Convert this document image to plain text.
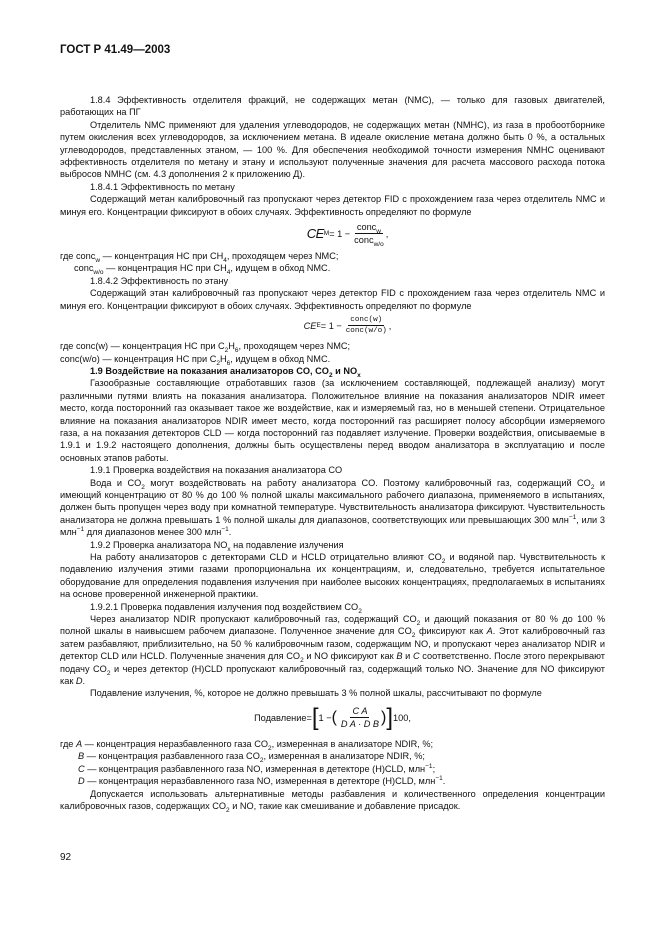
ГОСТ Р 41.49—2003

1.8.4 Эффективность отделителя фракций, не содержащих метан (NMC), — только для газовых двигателей, работающих на ПГ

Отделитель NMC применяют для удаления углеводородов, не содержащих метан (NMHC), из газа в пробоотборнике путем окисления всех углеводородов, за исключением метана. В идеале окисление метана должно быть 0 %, а остальных углеводородов, представленных этаном, — 100 %. Для обеспечения необходимой точности измерения NMHC оценивают эффективность отделителя по метану и этану и используют полученные значения для расчета массового расхода потока выбросов NMHC (см. 4.3 дополнения 2 к приложению Д).

1.8.4.1 Эффективность по метану

Содержащий метан калибровочный газ пропускают через детектор FID с прохождением газа через отделитель NMC и минуя его. Концентрации фиксируют в обоих случаях. Эффективность определяют по формуле

CE $M = 1 - \frac{conc_w}{conc_{w/o}}$ ,

где conc$_w$ — концентрация НС при $CH_4$, проходящем через NMC;

conc$_{w/o}$ — концентрация НС при $CH_4$, идущем в обход NMC.

1.8.4.2 Эффективность по этану

Содержащий этан калибровочный газ пропускают через детектор FID с прохождением газа через отделитель NMC и минуя его. Концентрации фиксируют в обоих случаях. Эффективность определяют по формуле

CE $E = 1 - \frac{\text{conc(w)}}{\text{conc(w/o)}}$ ,

где conc(w) — концентрация НС при $C_2H_6$, проходящем через NMC;

conc(w/o) — концентрация НС при $C_2H_6$, идущем в обход NMC.

1.9 Воздействие на показания анализаторов CO, $CO_2$ и $NO_x$

Газообразные составляющие отработавших газов (за исключением составляющей, подлежащей анализу) могут различными путями влиять на показания анализатора. Положительное влияние на показания анализаторов NDIR имеет место, когда посторонний газ оказывает такое же воздействие, как и измеряемый газ, но в меньшей степени. Отрицательное влияние на показания анализаторов NDIR имеет место, когда посторонний газ расширяет полосу абсорбции измеряемого газа, а на показания детекторов CLD — когда посторонний газ подавляет излучение. Проверки воздействия, описываемые в 1.9.1 и 1.9.2 настоящего дополнения, должны быть осуществлены перед вводом анализатора в эксплуатацию и после основных этапов работы.

1.9.1 Проверка воздействия на показания анализатора CO

Вода и $CO_2$ могут воздействовать на работу анализатора CO. Поэтому калибровочный газ, содержащий $CO_2$ и имеющий концентрацию от 80 % до 100 % полной шкалы максимального рабочего диапазона, применяемого в испытаниях, должен быть пропущен через воду при комнатной температуре. Чувствительность анализатора фиксируют. Чувствительность анализатора не должна превышать 1 % полной шкалы для диапазонов, соответствующих или превышающих 300 млн$^{-1}$, или 3 млн$^{-1}$ для диапазонов менее 300 млн$^{-1}$.

1.9.2 Проверка анализатора $NO_x$ на подавление излучения

На работу анализаторов с детекторами CLD и HCLD отрицательно влияют $CO_2$ и водяной пар. Чувствительность к подавлению излучения этими газами пропорциональна их концентрациям, и, следовательно, требуется испытательное оборудование для определения подавления излучения при наиболее высоких концентрациях, предполагаемых в испытаниях на основе проверенной инженерной практики.

1.9.2.1 Проверка подавления излучения под воздействием $CO_2$

Через анализатор NDIR пропускают калибровочный газ, содержащий $CO_2$ и дающий показания от 80 % до 100 % полной шкалы в наивысшем рабочем диапазоне. Полученное значение для $CO_2$ фиксируют как A. Этот калибровочный газ затем разбавляют, приблизительно, на 50 % калибровочным газом, содержащим NO, и пропускают через анализатор NDIR и детектор CLD или HCLD. Полученные значения для $CO_2$ и NO фиксируют как B и C соответственно. После этого перекрывают подачу $CO_2$ и через детектор (H)CLD пропускают калибровочный газ, содержащий только NO. Значение для NO фиксируют как D.

Подавление излучения, %, которое не должно превышать 3 % полной шкалы, рассчитывают по формуле

Подавление = [ 1 − ( $\frac{\text{C A}}{\text{D A · D B}}$ ) ] 100,

где A — концентрация неразбавленного газа $CO_2$, измеренная в анализаторе NDIR, %;

B — концентрация разбавленного газа $CO_2$, измеренная в анализаторе NDIR, %;

C — концентрация разбавленного газа NO, измеренная в детекторе (H)CLD, млн$^{-1}$;

D — концентрация неразбавленного газа NO, измеренная в детекторе (H)CLD, млн$^{-1}$.

Допускается использовать альтернативные методы разбавления и количественного определения концентрации калибровочных газов, содержащих $CO_2$ и NO, такие как смешивание и добавление присадок.

92
